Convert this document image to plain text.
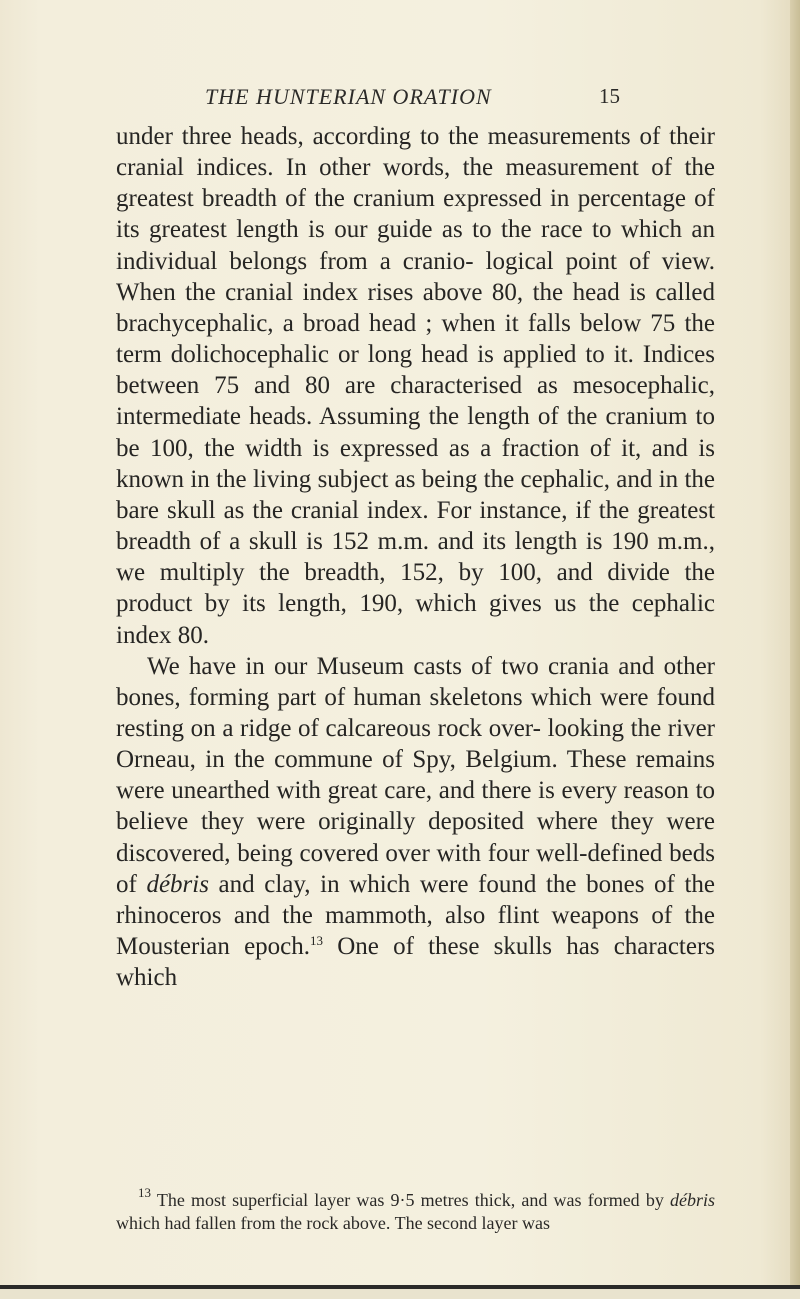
THE HUNTERIAN ORATION	15

under three heads, according to the measurements of their cranial indices. In other words, the measurement of the greatest breadth of the cranium expressed in percentage of its greatest length is our guide as to the race to which an individual belongs from a cranio- logical point of view. When the cranial index rises above 80, the head is called brachycephalic, a broad head ; when it falls below 75 the term dolichocephalic or long head is applied to it. Indices between 75 and 80 are characterised as mesocephalic, intermediate heads. Assuming the length of the cranium to be 100, the width is expressed as a fraction of it, and is known in the living subject as being the cephalic, and in the bare skull as the cranial index. For instance, if the greatest breadth of a skull is 152 m.m. and its length is 190 m.m., we multiply the breadth, 152, by 100, and divide the product by its length, 190, which gives us the cephalic index 80.

We have in our Museum casts of two crania and other bones, forming part of human skeletons which were found resting on a ridge of calcareous rock over- looking the river Orneau, in the commune of Spy, Belgium. These remains were unearthed with great care, and there is every reason to believe they were originally deposited where they were discovered, being covered over with four well-defined beds of débris and clay, in which were found the bones of the rhinoceros and the mammoth, also flint weapons of the Mousterian epoch.$^{13}$ One of these skulls has characters which

$^{13}$ The most superficial layer was 9·5 metres thick, and was formed by débris which had fallen from the rock above. The second layer was
